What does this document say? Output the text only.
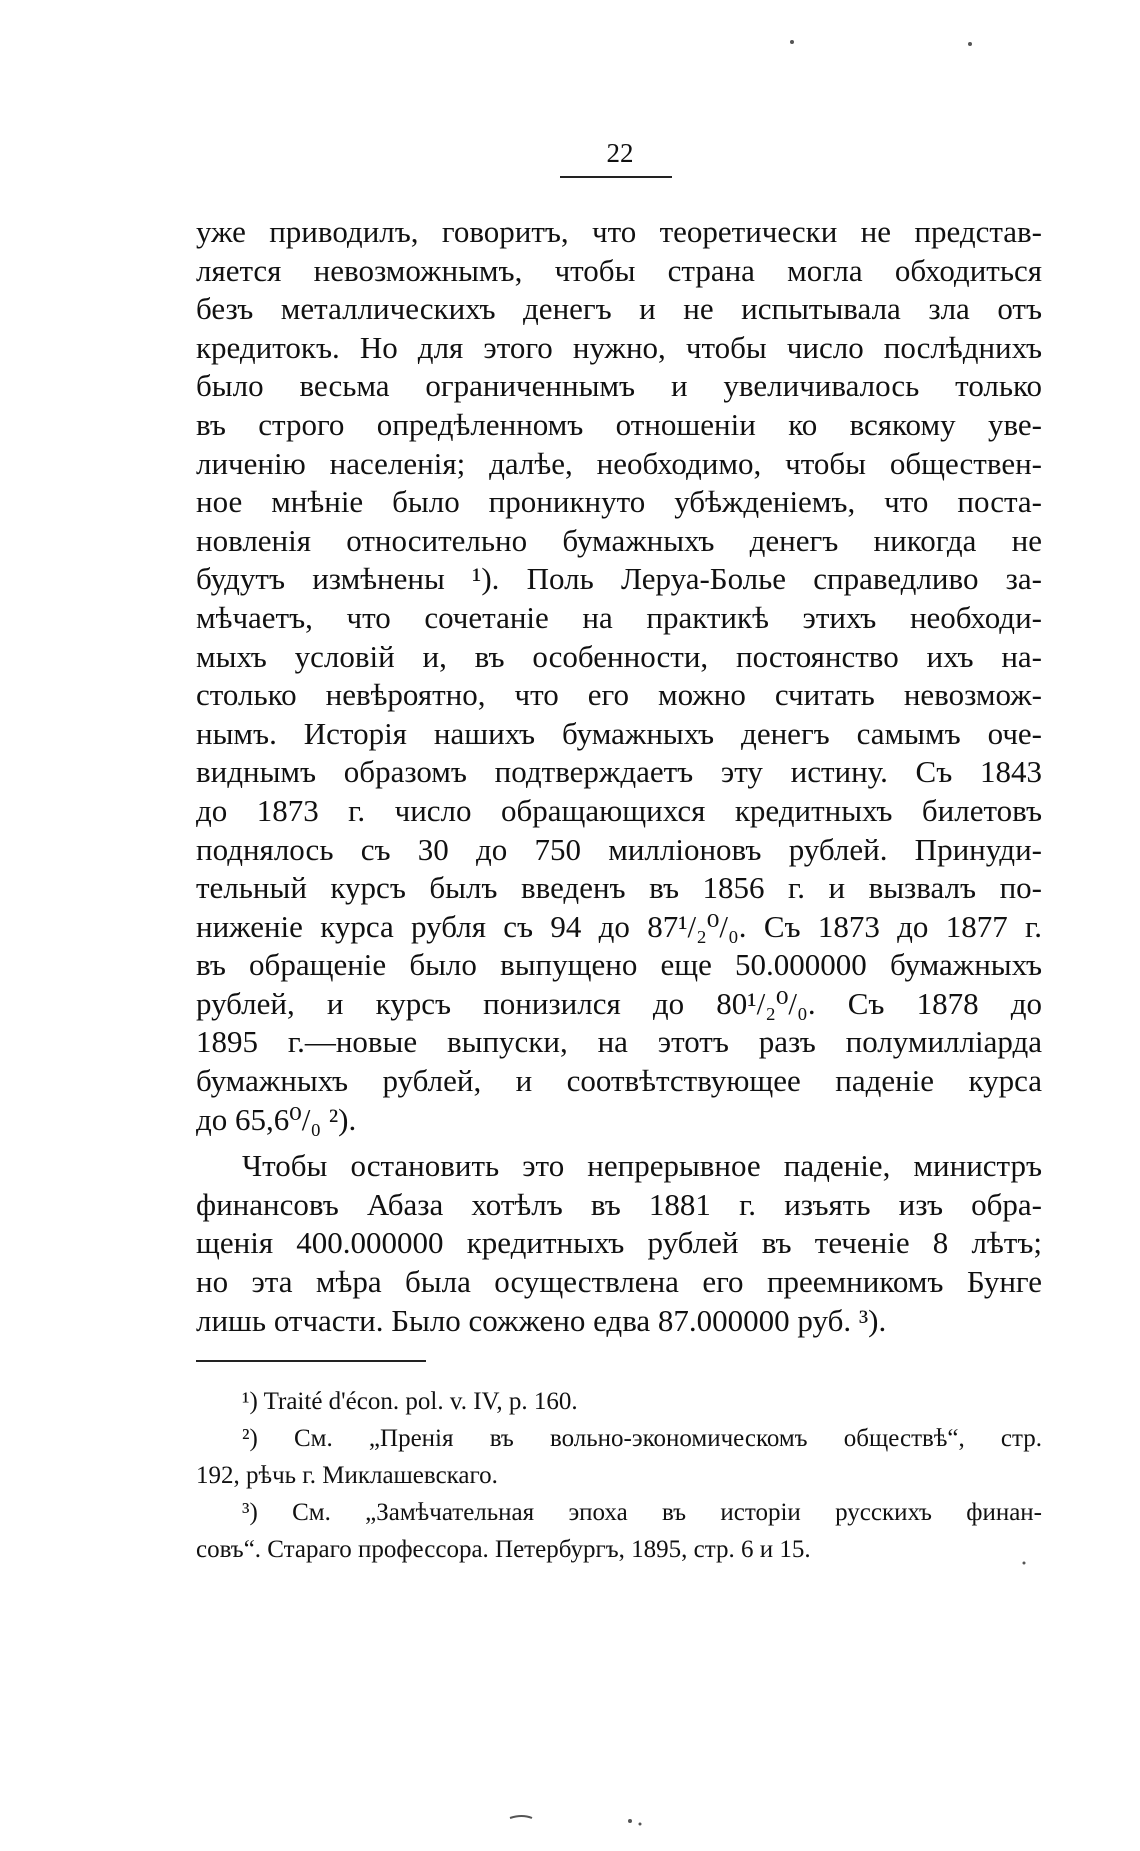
22
уже приводилъ, говоритъ, что теоретически не представ-
ляется невозможнымъ, чтобы страна могла обходиться
безъ металлическихъ денегъ и не испытывала зла отъ
кредитокъ. Но для этого нужно, чтобы число послѣднихъ
было весьма ограниченнымъ и увеличивалось только
въ строго опредѣленномъ отношеніи ко всякому уве-
личенію населенія; далѣе, необходимо, чтобы обществен-
ное мнѣніе было проникнуто убѣжденіемъ, что поста-
новленія относительно бумажныхъ денегъ никогда не
будутъ измѣнены ¹). Поль Леруа-Болье справедливо за-
мѣчаетъ, что сочетаніе на практикѣ этихъ необходи-
мыхъ условій и, въ особенности, постоянство ихъ на-
столько невѣроятно, что его можно считать невозмож-
нымъ. Исторія нашихъ бумажныхъ денегъ самымъ оче-
виднымъ образомъ подтверждаетъ эту истину. Съ 1843
до 1873 г. число обращающихся кредитныхъ билетовъ
поднялось съ 30 до 750 милліоновъ рублей. Принуди-
тельный курсъ былъ введенъ въ 1856 г. и вызвалъ по-
ниженіе курса рубля съ 94 до 87¹/₂⁰/₀. Съ 1873 до 1877 г.
въ обращеніе было выпущено еще 50.000000 бумажныхъ
рублей, и курсъ понизился до 80¹/₂⁰/₀. Съ 1878 до
1895 г.—новые выпуски, на этотъ разъ полумилліарда
бумажныхъ рублей, и соотвѣтствующее паденіе курса
до 65,6⁰/₀ ²).
Чтобы остановить это непрерывное паденіе, министръ
финансовъ Абаза хотѣлъ въ 1881 г. изъять изъ обра-
щенія 400.000000 кредитныхъ рублей въ теченіе 8 лѣтъ;
но эта мѣра была осуществлена его преемникомъ Бунге
лишь отчасти. Было сожжено едва 87.000000 руб. ³).
¹) Traité d'écon. pol. v. IV, p. 160.
²) См. „Пренія въ вольно-экономическомъ обществѣ“, стр.
192, рѣчь г. Миклашевскаго.
³) См. „Замѣчательная эпоха въ исторіи русскихъ финан-
совъ“. Стараго профессора. Петербургъ, 1895, стр. 6 и 15.
